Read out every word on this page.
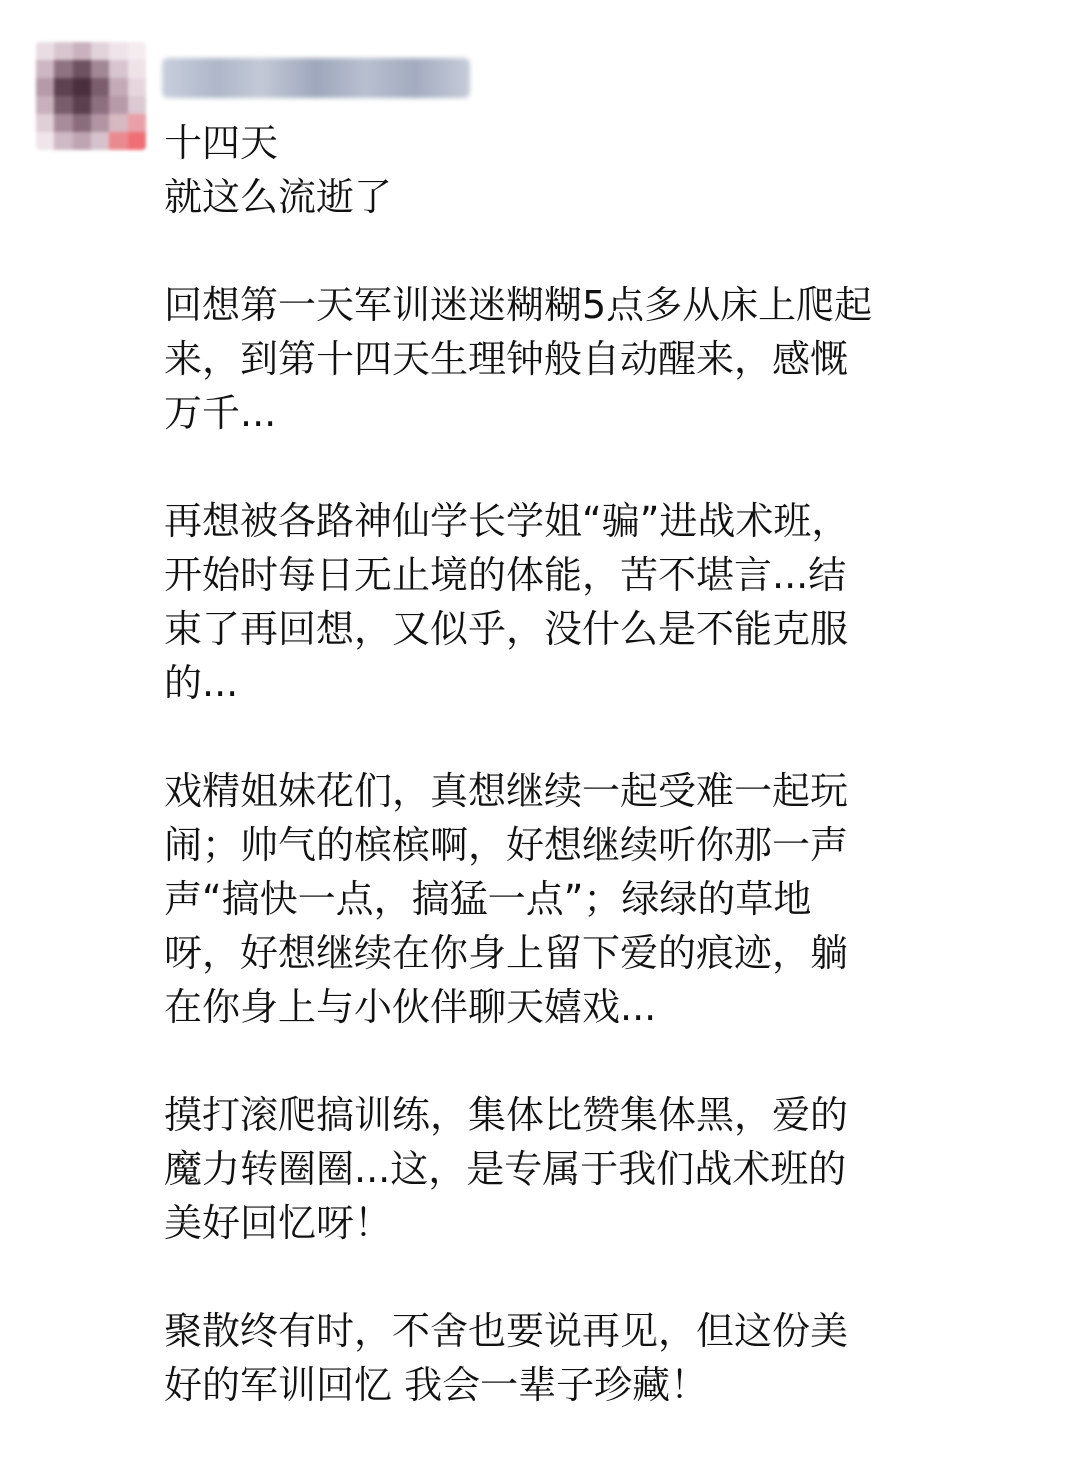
十四天
就这么流逝了
回想第一天军训迷迷糊糊5点多从床上爬起
来，到第十四天生理钟般自动醒来，感慨
万千...
再想被各路神仙学长学姐“骗”进战术班，
开始时每日无止境的体能，苦不堪言...结
束了再回想，又似乎，没什么是不能克服
的...
戏精姐妹花们，真想继续一起受难一起玩
闹；帅气的槟槟啊，好想继续听你那一声
声“搞快一点，搞猛一点”；绿绿的草地
呀，好想继续在你身上留下爱的痕迹，躺
在你身上与小伙伴聊天嬉戏...
摸打滚爬搞训练，集体比赞集体黑，爱的
魔力转圈圈...这，是专属于我们战术班的
美好回忆呀！
聚散终有时，不舍也要说再见，但这份美
好的军训回忆 我会一辈子珍藏！
